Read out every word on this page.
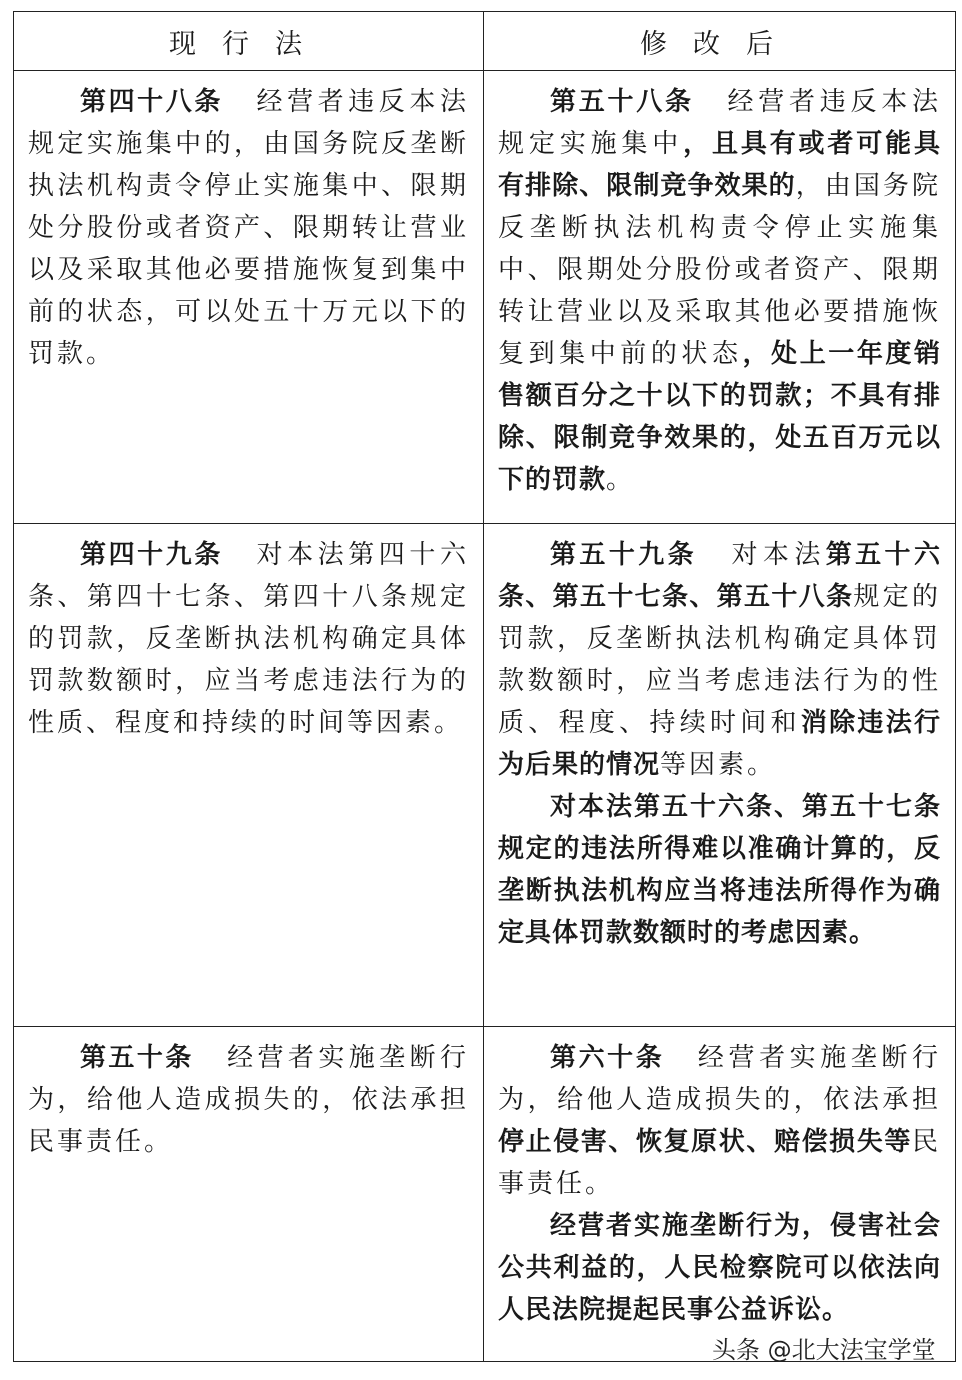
现行法	修改后

第四十八条 经营者违反本法规定实施集中的，由国务院反垄断执法机构责令停止实施集中、限期处分股份或者资产、限期转让营业以及采取其他必要措施恢复到集中前的状态，可以处五十万元以下的罚款。	第五十八条 经营者违反本法规定实施集中，且具有或者可能具有排除、限制竞争效果的，由国务院反垄断执法机构责令停止实施集中、限期处分股份或者资产、限期转让营业以及采取其他必要措施恢复到集中前的状态，处上一年度销售额百分之十以下的罚款；不具有排除、限制竞争效果的，处五百万元以下的罚款。

第四十九条 对本法第四十六条、第四十七条、第四十八条规定的罚款，反垄断执法机构确定具体罚款数额时，应当考虑违法行为的性质、程度和持续的时间等因素。	第五十九条 对本法第五十六条、第五十七条、第五十八条规定的罚款，反垄断执法机构确定具体罚款数额时，应当考虑违法行为的性质、程度、持续时间和消除违法行为后果的情况等因素。

对本法第五十六条、第五十七条规定的违法所得难以准确计算的，反垄断执法机构应当将违法所得作为确定具体罚款数额时的考虑因素。

第五十条 经营者实施垄断行为，给他人造成损失的，依法承担民事责任。	第六十条 经营者实施垄断行为，给他人造成损失的，依法承担停止侵害、恢复原状、赔偿损失等民事责任。

经营者实施垄断行为，侵害社会公共利益的，人民检察院可以依法向人民法院提起民事公益诉讼。

头条 @北大法宝学堂
